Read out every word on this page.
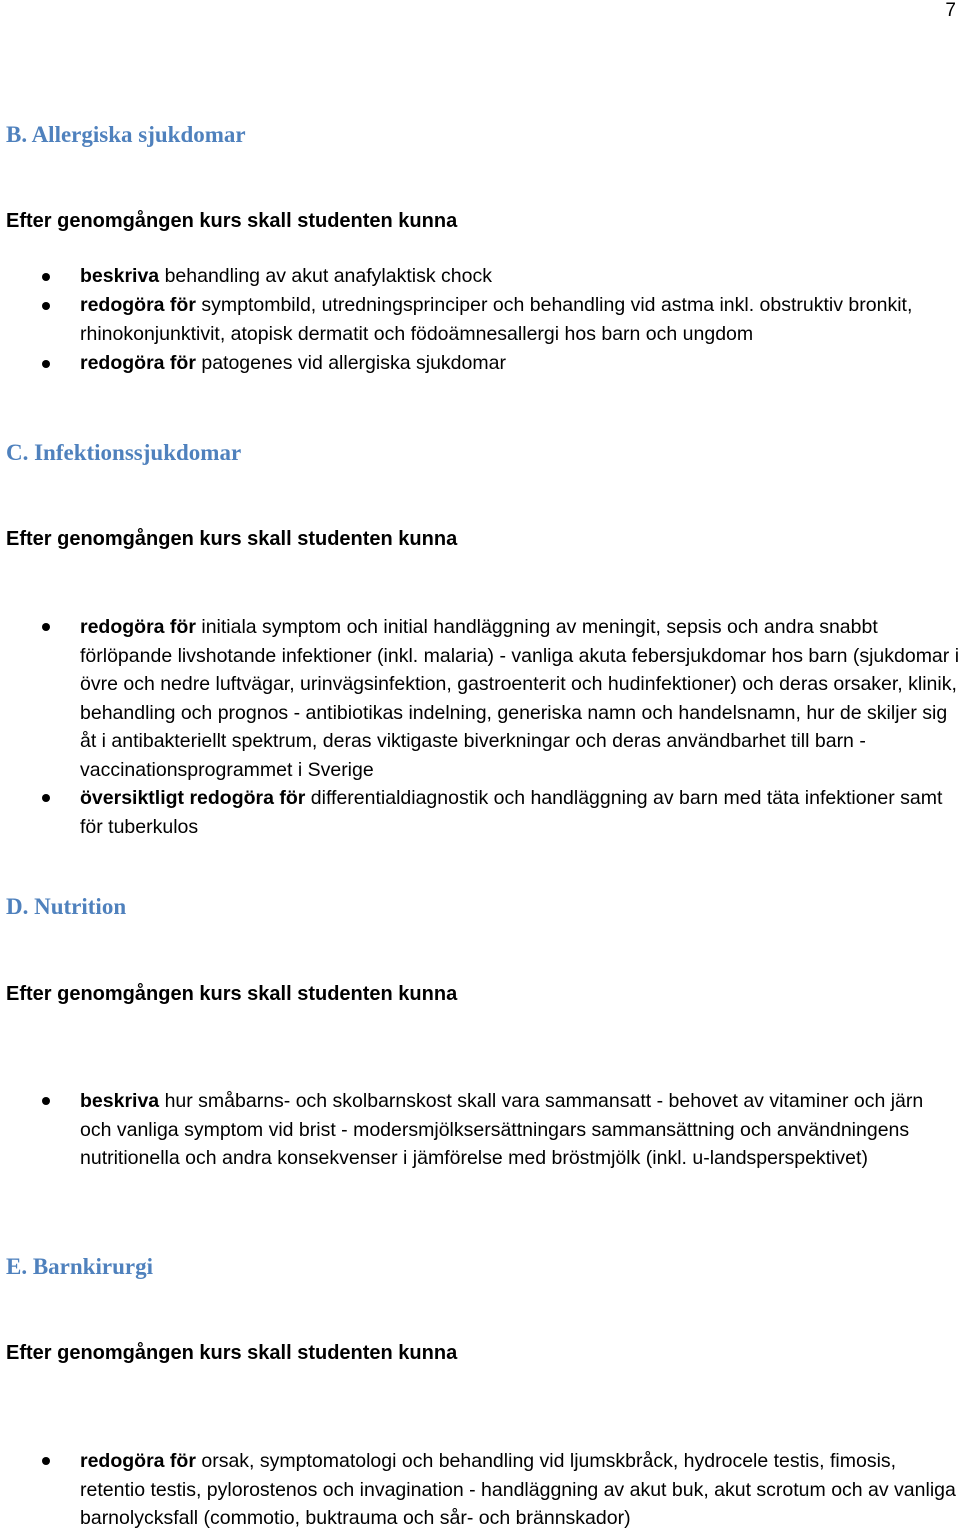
7
B. Allergiska sjukdomar

Efter genomgången kurs skall studenten kunna

beskriva behandling av akut anafylaktisk chock
redogöra för symptombild, utredningsprinciper och behandling vid astma inkl. obstruktiv bronkit, rhinokonjunktivit, atopisk dermatit och födoämnesallergi hos barn och ungdom
redogöra för patogenes vid allergiska sjukdomar
C. Infektionssjukdomar

Efter genomgången kurs skall studenten kunna

redogöra för initiala symptom och initial handläggning av meningit, sepsis och andra snabbt förlöpande livshotande infektioner (inkl. malaria) - vanliga akuta febersjukdomar hos barn (sjukdomar i övre och nedre luftvägar, urinvägsinfektion, gastroenterit och hudinfektioner) och deras orsaker, klinik, behandling och prognos - antibiotikas indelning, generiska namn och handelsnamn, hur de skiljer sig åt i antibakteriellt spektrum, deras viktigaste biverkningar och deras användbarhet till barn - vaccinationsprogrammet i Sverige
översiktligt redogöra för differentialdiagnostik och handläggning av barn med täta infektioner samt för tuberkulos
D. Nutrition

Efter genomgången kurs skall studenten kunna

beskriva hur småbarns- och skolbarnskost skall vara sammansatt - behovet av vitaminer och järn och vanliga symptom vid brist - modersmjölksersättningars sammansättning och användningens nutritionella och andra konsekvenser i jämförelse med bröstmjölk (inkl. u-landsperspektivet)
E. Barnkirurgi

Efter genomgången kurs skall studenten kunna

redogöra för orsak, symptomatologi och behandling vid ljumskbråck, hydrocele testis, fimosis, retentio testis, pylorostenos och invagination - handläggning av akut buk, akut scrotum och av vanliga barnolycksfall (commotio, buktrauma och sår- och brännskador)
